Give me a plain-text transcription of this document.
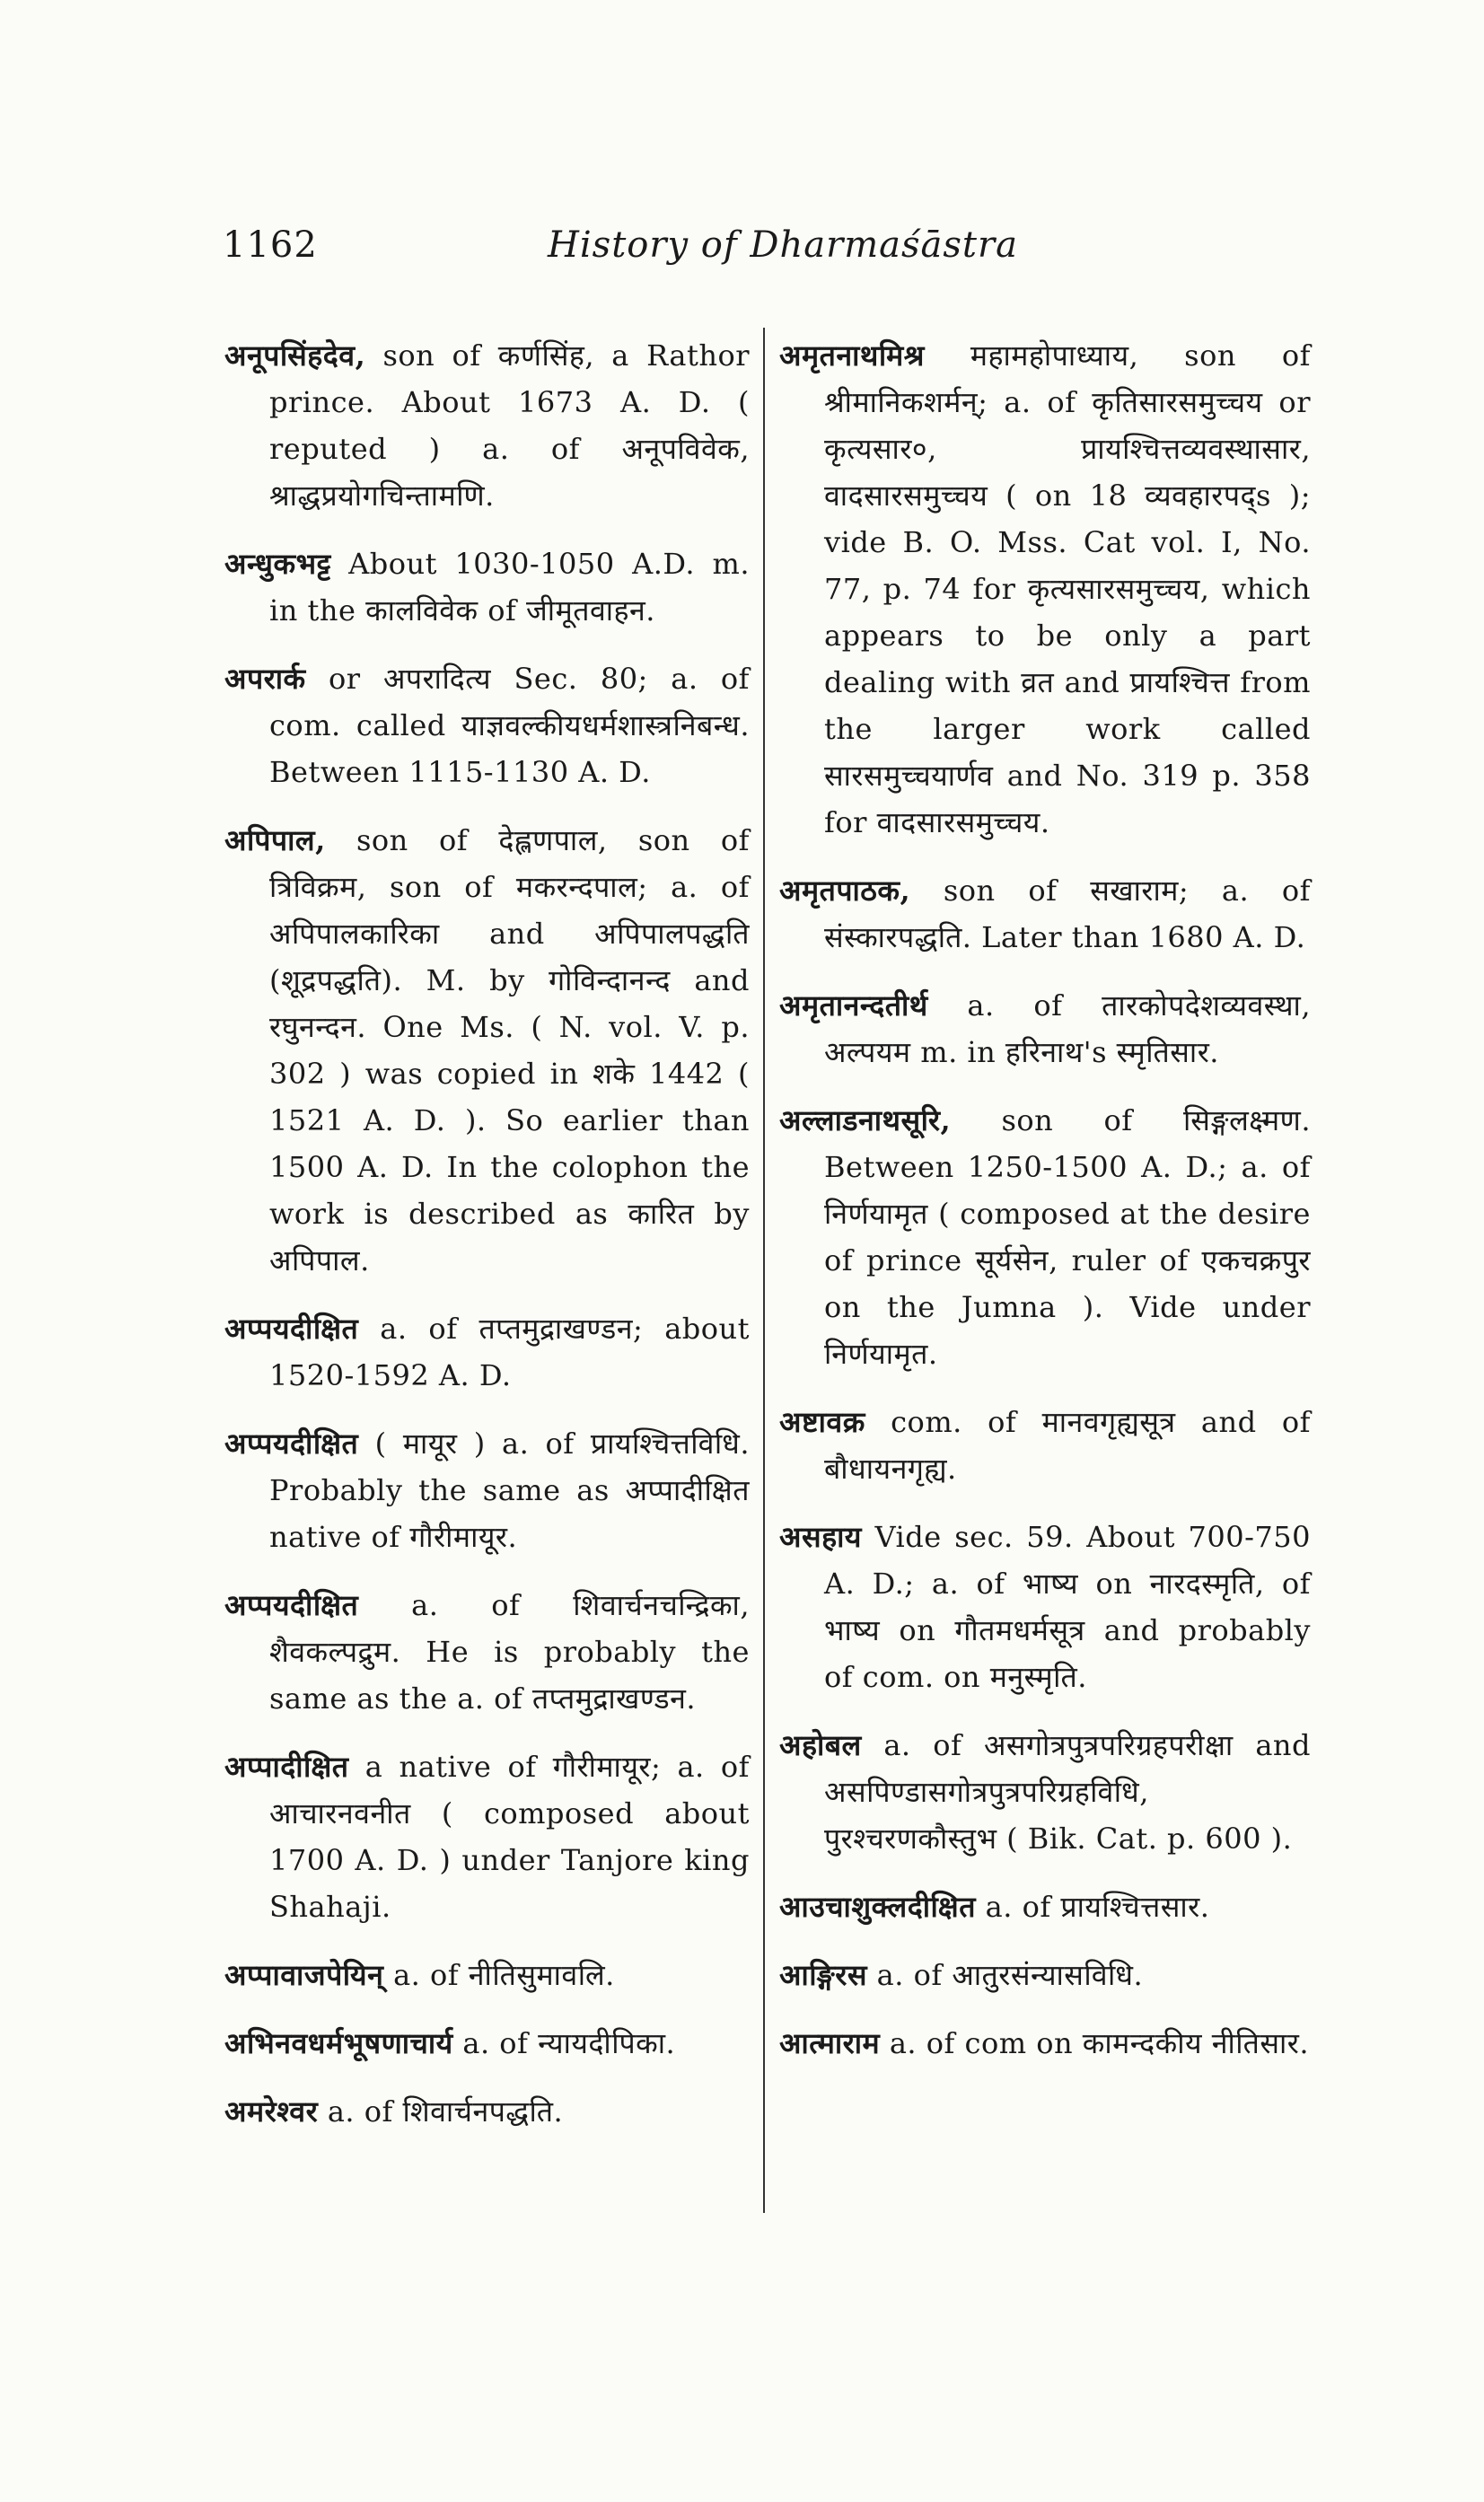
1162	History of Dharmaśāstra

अनूपसिंहदेव, son of कर्णसिंह, a Rathor prince. About 1673 A. D. ( reputed ) a. of अनूपविवेक, श्राद्धप्रयोगचिन्तामणि.

अन्धुकभट्ट About 1030-1050 A.D. m. in the कालविवेक of जीमूतवाहन.

अपरार्क or अपरादित्य Sec. 80; a. of com. called याज्ञवल्कीयधर्मशास्त्रनिबन्ध. Between 1115-1130 A. D.

अपिपाल, son of देह्लणपाल, son of त्रिविक्रम, son of मकरन्दपाल; a. of अपिपालकारिका and अपिपालपद्धति (शूद्रपद्धति). M. by गोविन्दानन्द and रघुनन्दन. One Ms. ( N. vol. V. p. 302 ) was copied in शके 1442 ( 1521 A. D. ). So earlier than 1500 A. D. In the colophon the work is described as कारित by अपिपाल.

अप्पयदीक्षित a. of तप्तमुद्राखण्डन; about 1520-1592 A. D.

अप्पयदीक्षित ( मायूर ) a. of प्रायश्चित्तविधि. Probably the same as अप्पादीक्षित native of गौरीमायूर.

अप्पयदीक्षित a. of शिवार्चनचन्द्रिका, शैवकल्पद्रुम. He is probably the same as the a. of तप्तमुद्राखण्डन.

अप्पादीक्षित a native of गौरीमायूर; a. of आचारनवनीत ( composed about 1700 A. D. ) under Tanjore king Shahaji.

अप्पावाजपेयिन् a. of नीतिसुमावलि.

अभिनवधर्मभूषणाचार्य a. of न्यायदीपिका.

अमरेश्वर a. of शिवार्चनपद्धति.

अमृतनाथमिश्र महामहोपाध्याय, son of श्रीमानिकशर्मन्; a. of कृतिसारसमुच्चय or कृत्यसार०, प्रायश्चित्तव्यवस्थासार, वादसारसमुच्चय ( on 18 व्यवहारपद्s ); vide B. O. Mss. Cat vol. I, No. 77, p. 74 for कृत्यसारसमुच्चय, which appears to be only a part dealing with व्रत and प्रायश्चित्त from the larger work called सारसमुच्चयार्णव and No. 319 p. 358 for वादसारसमुच्चय.

अमृतपाठक, son of सखाराम; a. of संस्कारपद्धति. Later than 1680 A. D.

अमृतानन्दतीर्थ a. of तारकोपदेशव्यवस्था, अल्पयम m. in हरिनाथ's स्मृतिसार.

अल्लाडनाथसूरि, son of सिङ्गलक्ष्मण. Between 1250-1500 A. D.; a. of निर्णयामृत ( composed at the desire of prince सूर्यसेन, ruler of एकचक्रपुर on the Jumna ). Vide under निर्णयामृत.

अष्टावक्र com. of मानवगृह्यसूत्र and of बौधायनगृह्य.

असहाय Vide sec. 59. About 700-750 A. D.; a. of भाष्य on नारदस्मृति, of भाष्य on गौतमधर्मसूत्र and probably of com. on मनुस्मृति.

अहोबल a. of असगोत्रपुत्रपरिग्रहपरीक्षा and असपिण्डासगोत्रपुत्रपरिग्रहविधि, पुरश्चरणकौस्तुभ ( Bik. Cat. p. 600 ).

आउचाशुक्लदीक्षित a. of प्रायश्चित्तसार.

आङ्गिरस a. of आतुरसंन्यासविधि.

आत्माराम a. of com on कामन्दकीय नीतिसार.
